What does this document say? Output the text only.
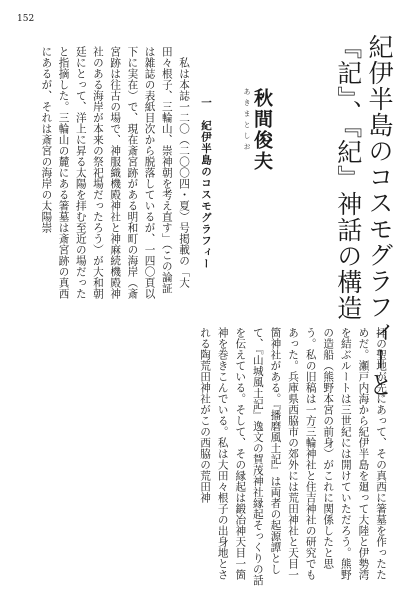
152
紀伊半島のコスモグラフィーと
『記』、『紀』神話の構造
あきまとしお 秋間俊夫
一　紀伊半島のコスモグラフィー

　私は本誌一二〇（二〇〇四・夏）号掲載の「大田々根子、三輪山、崇神朝を考え直す」（この論証は雑誌の表紙目次から脱落しているが、一四〇頁以下に実在）で、現在斎宮跡がある明和町の海岸（斎宮跡は往古の場で、神服織機殿神社と神麻続機殿神社のある海岸が本来の祭祀場だったろう）が大和朝廷にとって、洋上に昇る太陽を拝む至近の場だったと指摘した。三輪山の麓にある箸墓は斎宮跡の真西にあるが、それは斎宮の海岸の太陽崇

拝の聖地が先にあって、その真西に箸墓を作ったためだ。瀬戸内海から紀伊半島を廻って大陸と伊勢湾を結ぶルートは三世紀には開けていただろう。熊野の造船（熊野本宮の前身）がこれに関係したと思う。私の旧稿は一方三輪神社と住吉神社の研究でもあった。兵庫県西脇市の郊外には荒田神社と天目一箇神社がある。『播磨風土記』は両者の起源譚として、『山城風土記』逸文の賀茂神社縁起そっくりの話を伝えている。そして、その縁起は鍛冶神天目一箇神を巻きこんでいる。私は大田々根子の出身地とされる陶荒田神社がこの西脇の荒田神
